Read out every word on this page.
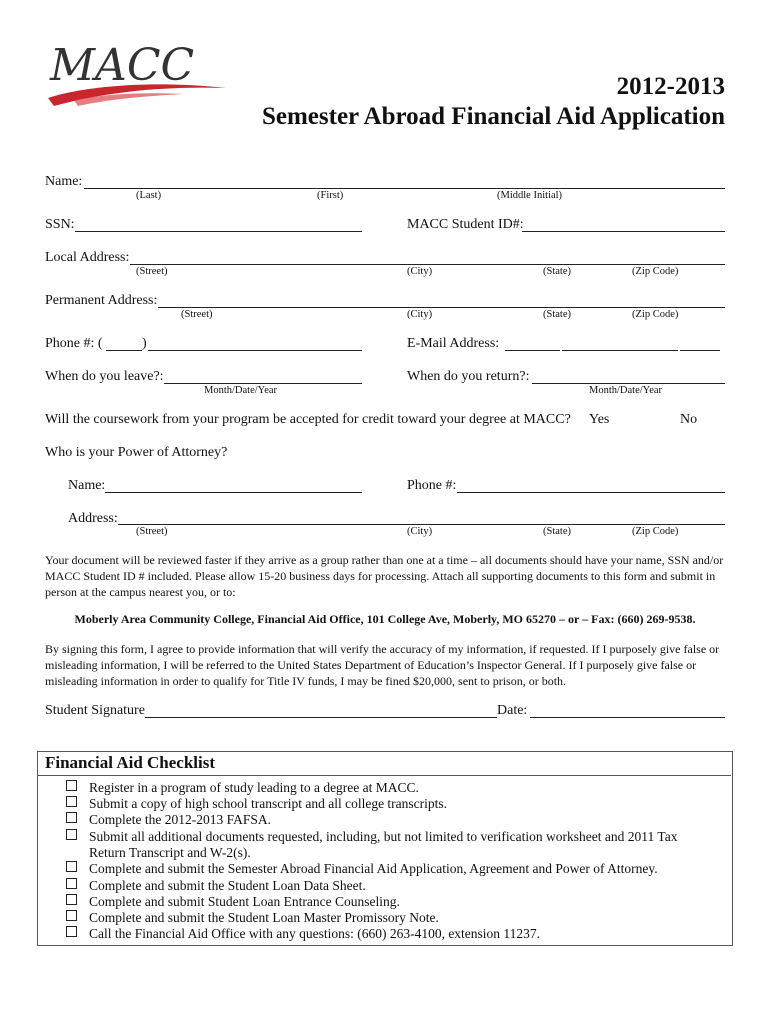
MACC	2012-2013
Semester Abroad Financial Aid Application
Name:
(Last)	(First)	(Middle Initial)
SSN:	MACC Student ID#:
Local Address:
(Street)	(City)	(State)	(Zip Code)
Permanent Address:
(Street)	(City)	(State)	(Zip Code)
Phone #: (	)	E-Mail Address:
When do you leave?:
Month/Date/Year
When do you return?:
Month/Date/Year
Will the coursework from your program be accepted for credit toward your degree at MACC? Yes	No
Who is your Power of Attorney?
Name:	Phone #:
Address:
(Street)	(City)	(State)	(Zip Code)
Your document will be reviewed faster if they arrive as a group rather than one at a time – all documents should have your name, SSN and/or MACC Student ID # included. Please allow 15-20 business days for processing. Attach all supporting documents to this form and submit in person at the campus nearest you, or to:
Moberly Area Community College, Financial Aid Office, 101 College Ave, Moberly, MO 65270 – or – Fax: (660) 269-9538.
By signing this form, I agree to provide information that will verify the accuracy of my information, if requested. If I purposely give false or misleading information, I will be referred to the United States Department of Education’s Inspector General. If I purposely give false or misleading information in order to qualify for Title IV funds, I may be fined $20,000, sent to prison, or both.
Student Signature	Date:
Financial Aid Checklist
Register in a program of study leading to a degree at MACC.
Submit a copy of high school transcript and all college transcripts.
Complete the 2012-2013 FAFSA.
Submit all additional documents requested, including, but not limited to verification worksheet and 2011 Tax Return Transcript and W-2(s).
Complete and submit the Semester Abroad Financial Aid Application, Agreement and Power of Attorney.
Complete and submit the Student Loan Data Sheet.
Complete and submit Student Loan Entrance Counseling.
Complete and submit the Student Loan Master Promissory Note.
Call the Financial Aid Office with any questions: (660) 263-4100, extension 11237.
